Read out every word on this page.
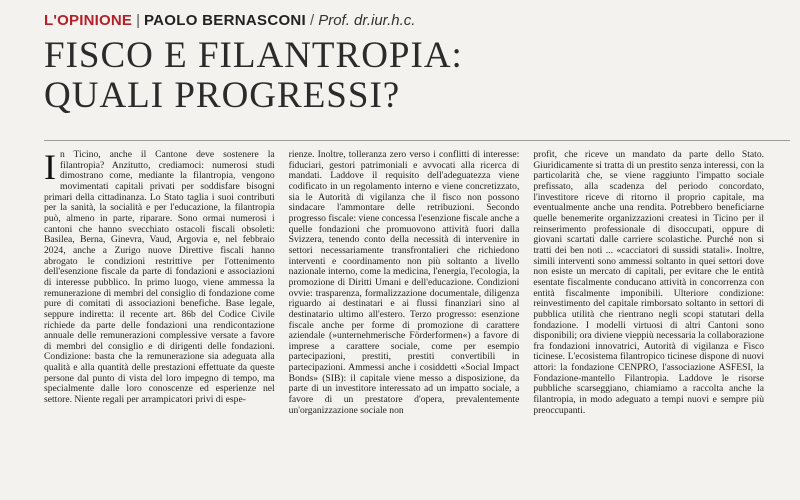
L'OPINIONE | PAOLO BERNASCONI / Prof. dr.iur.h.c.
FISCO E FILANTROPIA:
QUALI PROGRESSI?
I n Ticino, anche il Cantone deve sostenere la filantropia? Anzitutto, crediamoci: numerosi studi dimostrano come, mediante la filantropia, vengono movimentati capitali privati per soddisfare bisogni primari della cittadinanza. Lo Stato taglia i suoi contributi per la sanità, la socialità e per l'educazione, la filantropia può, almeno in parte, riparare. Sono ormai numerosi i cantoni che hanno svecchiato ostacoli fiscali obsoleti: Basilea, Berna, Ginevra, Vaud, Argovia e, nel febbraio 2024, anche a Zurigo nuove Direttive fiscali hanno abrogato le condizioni restrittive per l'ottenimento dell'esenzione fiscale da parte di fondazioni e associazioni di interesse pubblico. In primo luogo, viene ammessa la remunerazione di membri del consiglio di fondazione come pure di comitati di associazioni benefiche. Base legale, seppure indiretta: il recente art. 86b del Codice Civile richiede da parte delle fondazioni una rendicontazione annuale delle remunerazioni complessive versate a favore di membri del consiglio e di dirigenti delle fondazioni. Condizione: basta che la remunerazione sia adeguata alla qualità e alla quantità delle prestazioni effettuate da queste persone dal punto di vista del loro impegno di tempo, ma specialmente dalle loro conoscenze ed esperienze nel settore. Niente regali per arrampicatori privi di espe-

rienze. Inoltre, tolleranza zero verso i conflitti di interesse: fiduciari, gestori patrimoniali e avvocati alla ricerca di mandati. Laddove il requisito dell'adeguatezza viene codificato in un regolamento interno e viene concretizzato, sia le Autorità di vigilanza che il fisco non possono sindacare l'ammontare delle retribuzioni. Secondo progresso fiscale: viene concessa l'esenzione fiscale anche a quelle fondazioni che promuovono attività fuori dalla Svizzera, tenendo conto della necessità di intervenire in settori necessariamente transfrontalieri che richiedono interventi e coordinamento non più soltanto a livello nazionale interno, come la medicina, l'energia, l'ecologia, la promozione di Diritti Umani e dell'educazione. Condizioni ovvie: trasparenza, formalizzazione documentale, diligenza riguardo ai destinatari e ai flussi finanziari sino al destinatario ultimo all'estero. Terzo progresso: esenzione fiscale anche per forme di promozione di carattere aziendale (»unternehmerische Förderformen«) a favore di imprese a carattere sociale, come per esempio partecipazioni, prestiti, prestiti convertibili in partecipazioni. Ammessi anche i cosiddetti «Social Impact Bonds» (SIB): il capitale viene messo a disposizione, da parte di un investitore interessato ad un impatto sociale, a favore di un prestatore d'opera, prevalentemente un'organizzazione sociale non

profit, che riceve un mandato da parte dello Stato. Giuridicamente si tratta di un prestito senza interessi, con la particolarità che, se viene raggiunto l'impatto sociale prefissato, alla scadenza del periodo concordato, l'investitore riceve di ritorno il proprio capitale, ma eventualmente anche una rendita. Potrebbero beneficiarne quelle benemerite organizzazioni createsi in Ticino per il reinserimento professionale di disoccupati, oppure di giovani scartati dalle carriere scolastiche. Purché non si tratti dei ben noti ... «cacciatori di sussidi statali». Inoltre, simili interventi sono ammessi soltanto in quei settori dove non esiste un mercato di capitali, per evitare che le entità esentate fiscalmente conducano attività in concorrenza con entità fiscalmente imponibili. Ulteriore condizione: reinvestimento del capitale rimborsato soltanto in settori di pubblica utilità che rientrano negli scopi statutari della fondazione. I modelli virtuosi di altri Cantoni sono disponibili; ora diviene vieppiù necessaria la collaborazione fra fondazioni innovatrici, Autorità di vigilanza e Fisco ticinese. L'ecosistema filantropico ticinese dispone di nuovi attori: la fondazione CENPRO, l'associazione ASFESI, la Fondazione-mantello Filantropia. Laddove le risorse pubbliche scarseggiano, chiamiamo a raccolta anche la filantropia, in modo adeguato a tempi nuovi e sempre più preoccupanti.
